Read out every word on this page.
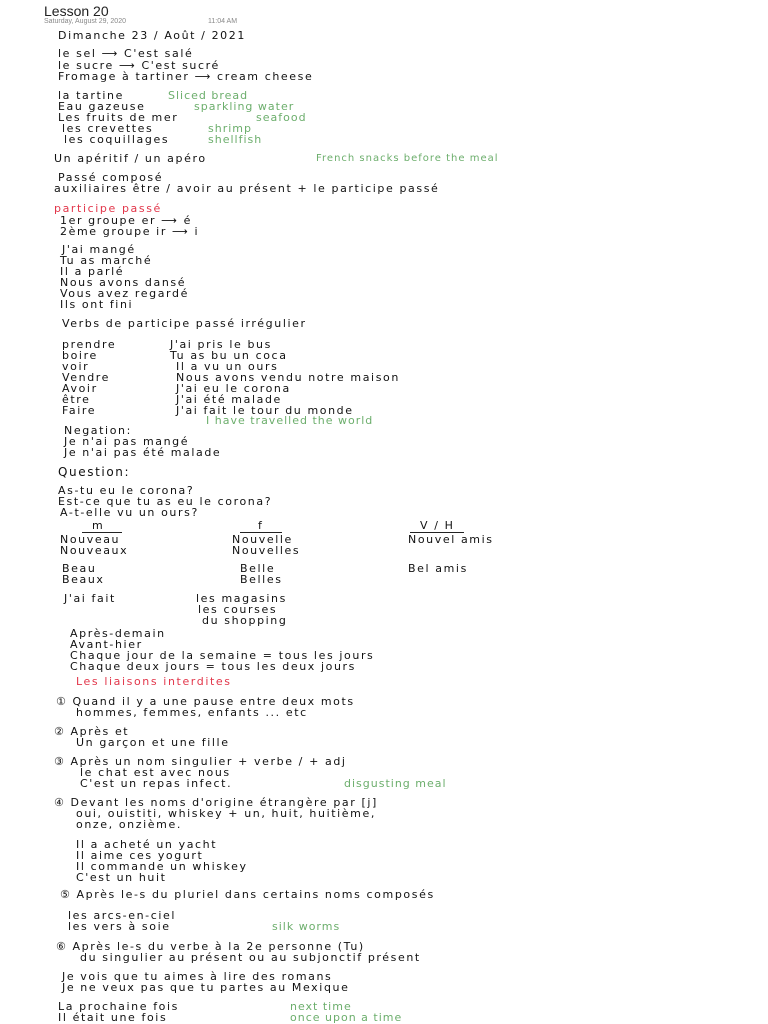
Lesson 20
Saturday, August 29, 2020	11:04 AM
Dimanche 23 / Août / 2021
le sel ⟶ C'est salé
le sucre ⟶ C'est sucré
Fromage à tartiner ⟶ cream cheese
la tartine	Sliced bread
Eau gazeuse	sparkling water
Les fruits de mer	seafood
les crevettes	shrimp
les coquillages	shellfish
Un apéritif / un apéro	French snacks before the meal
Passé composé
auxiliaires être / avoir au présent + le participe passé
participe passé
1er groupe er ⟶ é
2ème groupe ir ⟶ i
J'ai mangé
Tu as marché
Il a parlé
Nous avons dansé
Vous avez regardé
Ils ont fini
Verbs de participe passé irrégulier
prendre	J'ai pris le bus
boire	Tu as bu un coca
voir	Il a vu un ours
Vendre	Nous avons vendu notre maison
Avoir	J'ai eu le corona
être	J'ai été malade
Faire	J'ai fait le tour du monde
I have travelled the world
Negation:
Je n'ai pas mangé
Je n'ai pas été malade
Question:
As-tu eu le corona?
Est-ce que tu as eu le corona?
A-t-elle vu un ours?
m	f	V / H
Nouveau	Nouvelle	Nouvel amis
Nouveaux	Nouvelles
Beau	Belle	Bel amis
Beaux	Belles
J'ai fait	les magasins
les courses
du shopping
Après-demain
Avant-hier
Chaque jour de la semaine = tous les jours
Chaque deux jours = tous les deux jours
Les liaisons interdites
① Quand il y a une pause entre deux mots
hommes, femmes, enfants ... etc
② Après et
Un garçon et une fille
③ Après un nom singulier + verbe / + adj
le chat est avec nous
C'est un repas infect.	disgusting meal
④ Devant les noms d'origine étrangère par [j]
oui, ouistiti, whiskey + un, huit, huitième,
onze, onzième.
Il a acheté un yacht
Il aime ces yogurt
Il commande un whiskey
C'est un huit
⑤ Après le-s du pluriel dans certains noms composés
les arcs-en-ciel
les vers à soie	silk worms
⑥ Après le-s du verbe à la 2e personne (Tu)
du singulier au présent ou au subjonctif présent
Je vois que tu aimes à lire des romans
Je ne veux pas que tu partes au Mexique
La prochaine fois	next time
Il était une fois	once upon a time
